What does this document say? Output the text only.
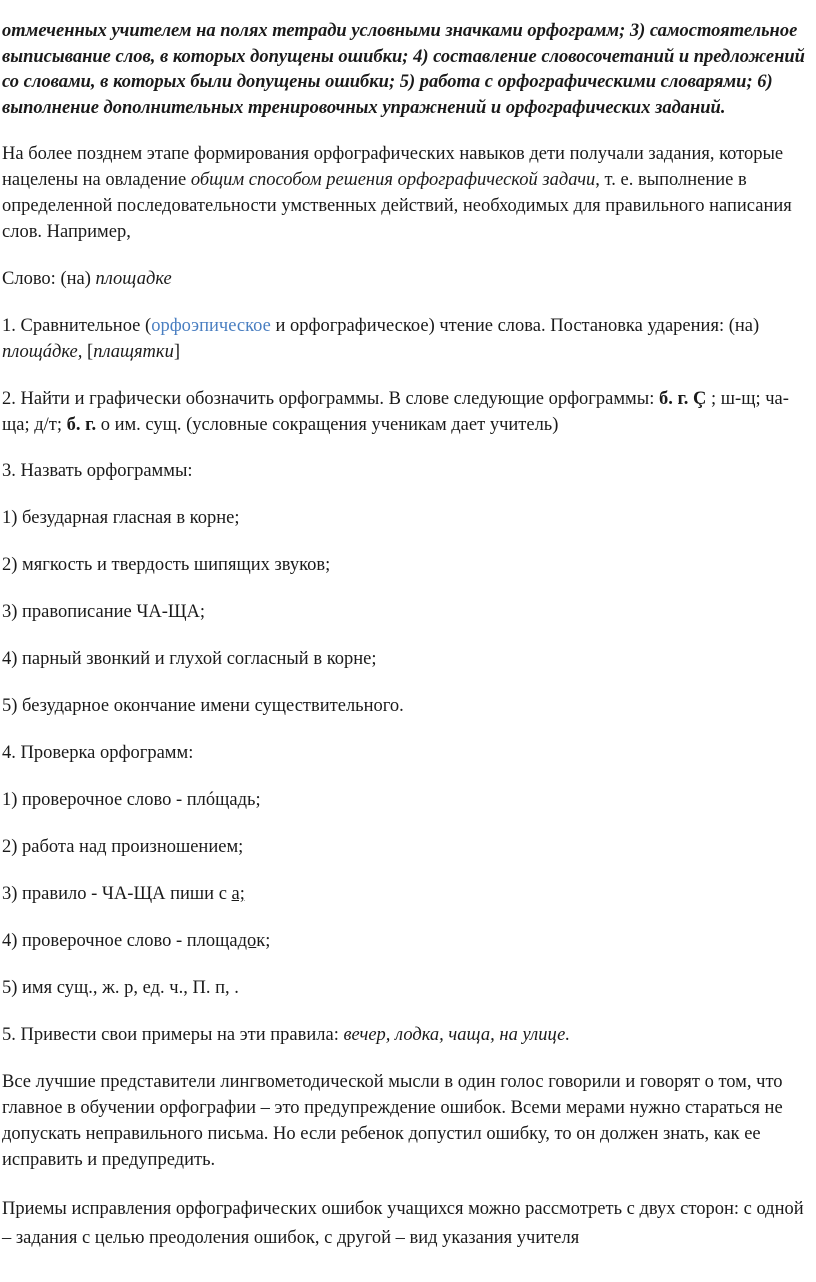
отмеченных учителем на полях тетради условными значками орфограмм; 3) самостоятельное выписывание слов, в которых допущены ошибки; 4) составление словосочетаний и предложений со словами, в которых были допущены ошибки; 5) работа с орфографическими словарями; 6) выполнение дополнительных тренировочных упражнений и орфографических заданий.

На более позднем этапе формирования орфографических навыков дети получали задания, которые нацелены на овладение общим способом решения орфографической задачи, т. е. выполнение в определенной последовательности умственных действий, необходимых для правильного написания слов. Например,

Слово: (на) площадке

1. Сравнительное (орфоэпическое и орфографическое) чтение слова. Постановка ударения: (на) площáдке, [плащятки]

2. Найти и графически обозначить орфограммы. В слове следующие орфограммы: б. г. Ç ; ш-щ; ча-ща; д/т; б. г. о им. сущ. (условные сокращения ученикам дает учитель)

3. Назвать орфограммы:

1) безударная гласная в корне;

2) мягкость и твердость шипящих звуков;

3) правописание ЧА-ЩА;

4) парный звонкий и глухой согласный в корне;

5) безударное окончание имени существительного.

4. Проверка орфограмм:

1) проверочное слово - плóщадь;

2) работа над произношением;

3) правило - ЧА-ЩА пиши с а;

4) проверочное слово - площадок;

5) имя сущ., ж. р, ед. ч., П. п, .

5. Привести свои примеры на эти правила: вечер, лодка, чаща, на улице.

Все лучшие представители лингвометодической мысли в один голос говорили и говорят о том, что главное в обучении орфографии – это предупреждение ошибок. Всеми мерами нужно стараться не допускать неправильного письма. Но если ребенок допустил ошибку, то он должен знать, как ее исправить и предупредить.

Приемы исправления орфографических ошибок учащихся можно рассмотреть с двух сторон: с одной – задания с целью преодоления ошибок, с другой – вид указания учителя
